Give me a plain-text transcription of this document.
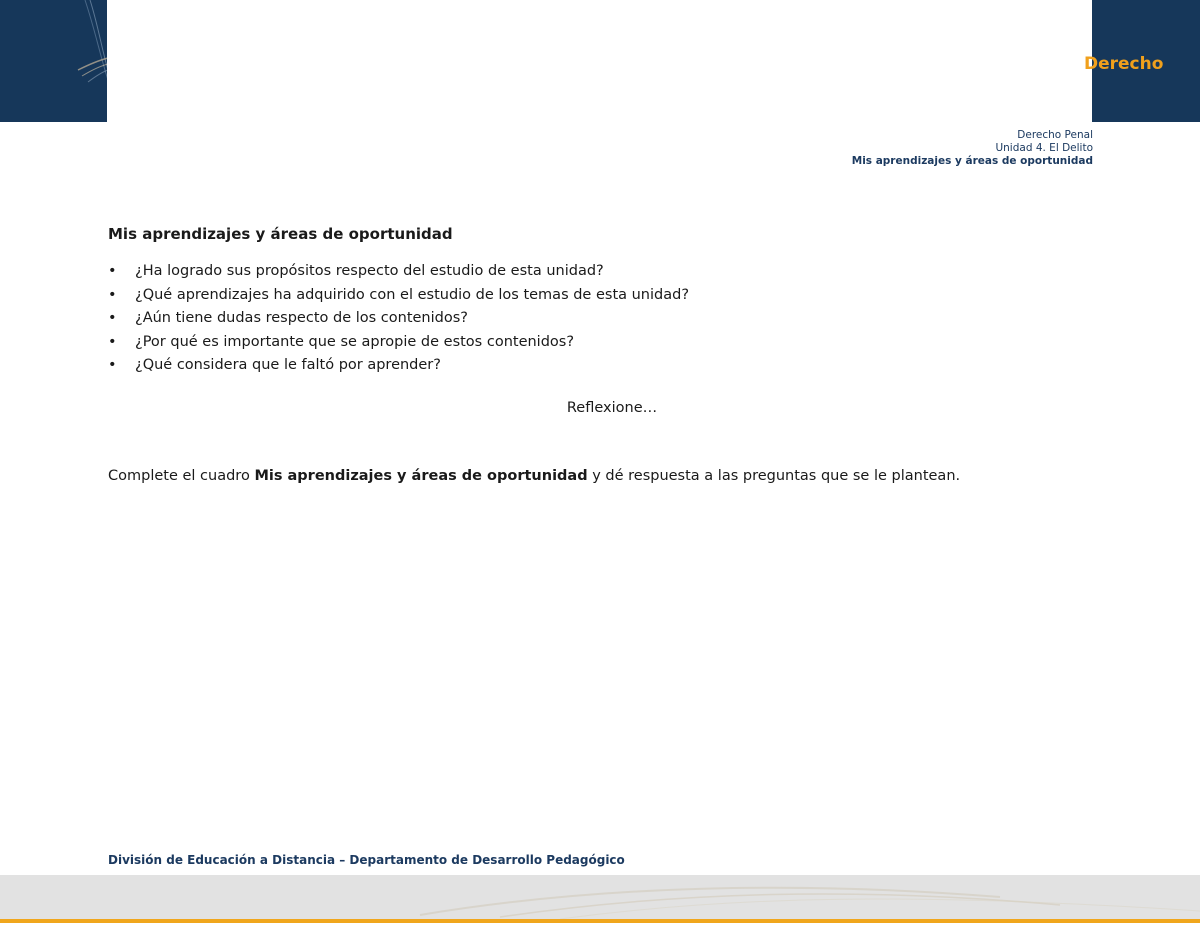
Derecho
Derecho Penal
Unidad 4. El Delito
Mis aprendizajes y áreas de oportunidad
Mis aprendizajes y áreas de oportunidad
• ¿Ha logrado sus propósitos respecto del estudio de esta unidad?
• ¿Qué aprendizajes ha adquirido con el estudio de los temas de esta unidad?
• ¿Aún tiene dudas respecto de los contenidos?
• ¿Por qué es importante que se apropie de estos contenidos?
• ¿Qué considera que le faltó por aprender?
Reflexione…
Complete el cuadro Mis aprendizajes y áreas de oportunidad y dé respuesta a las preguntas que se le plantean.
División de Educación a Distancia – Departamento de Desarrollo Pedagógico
